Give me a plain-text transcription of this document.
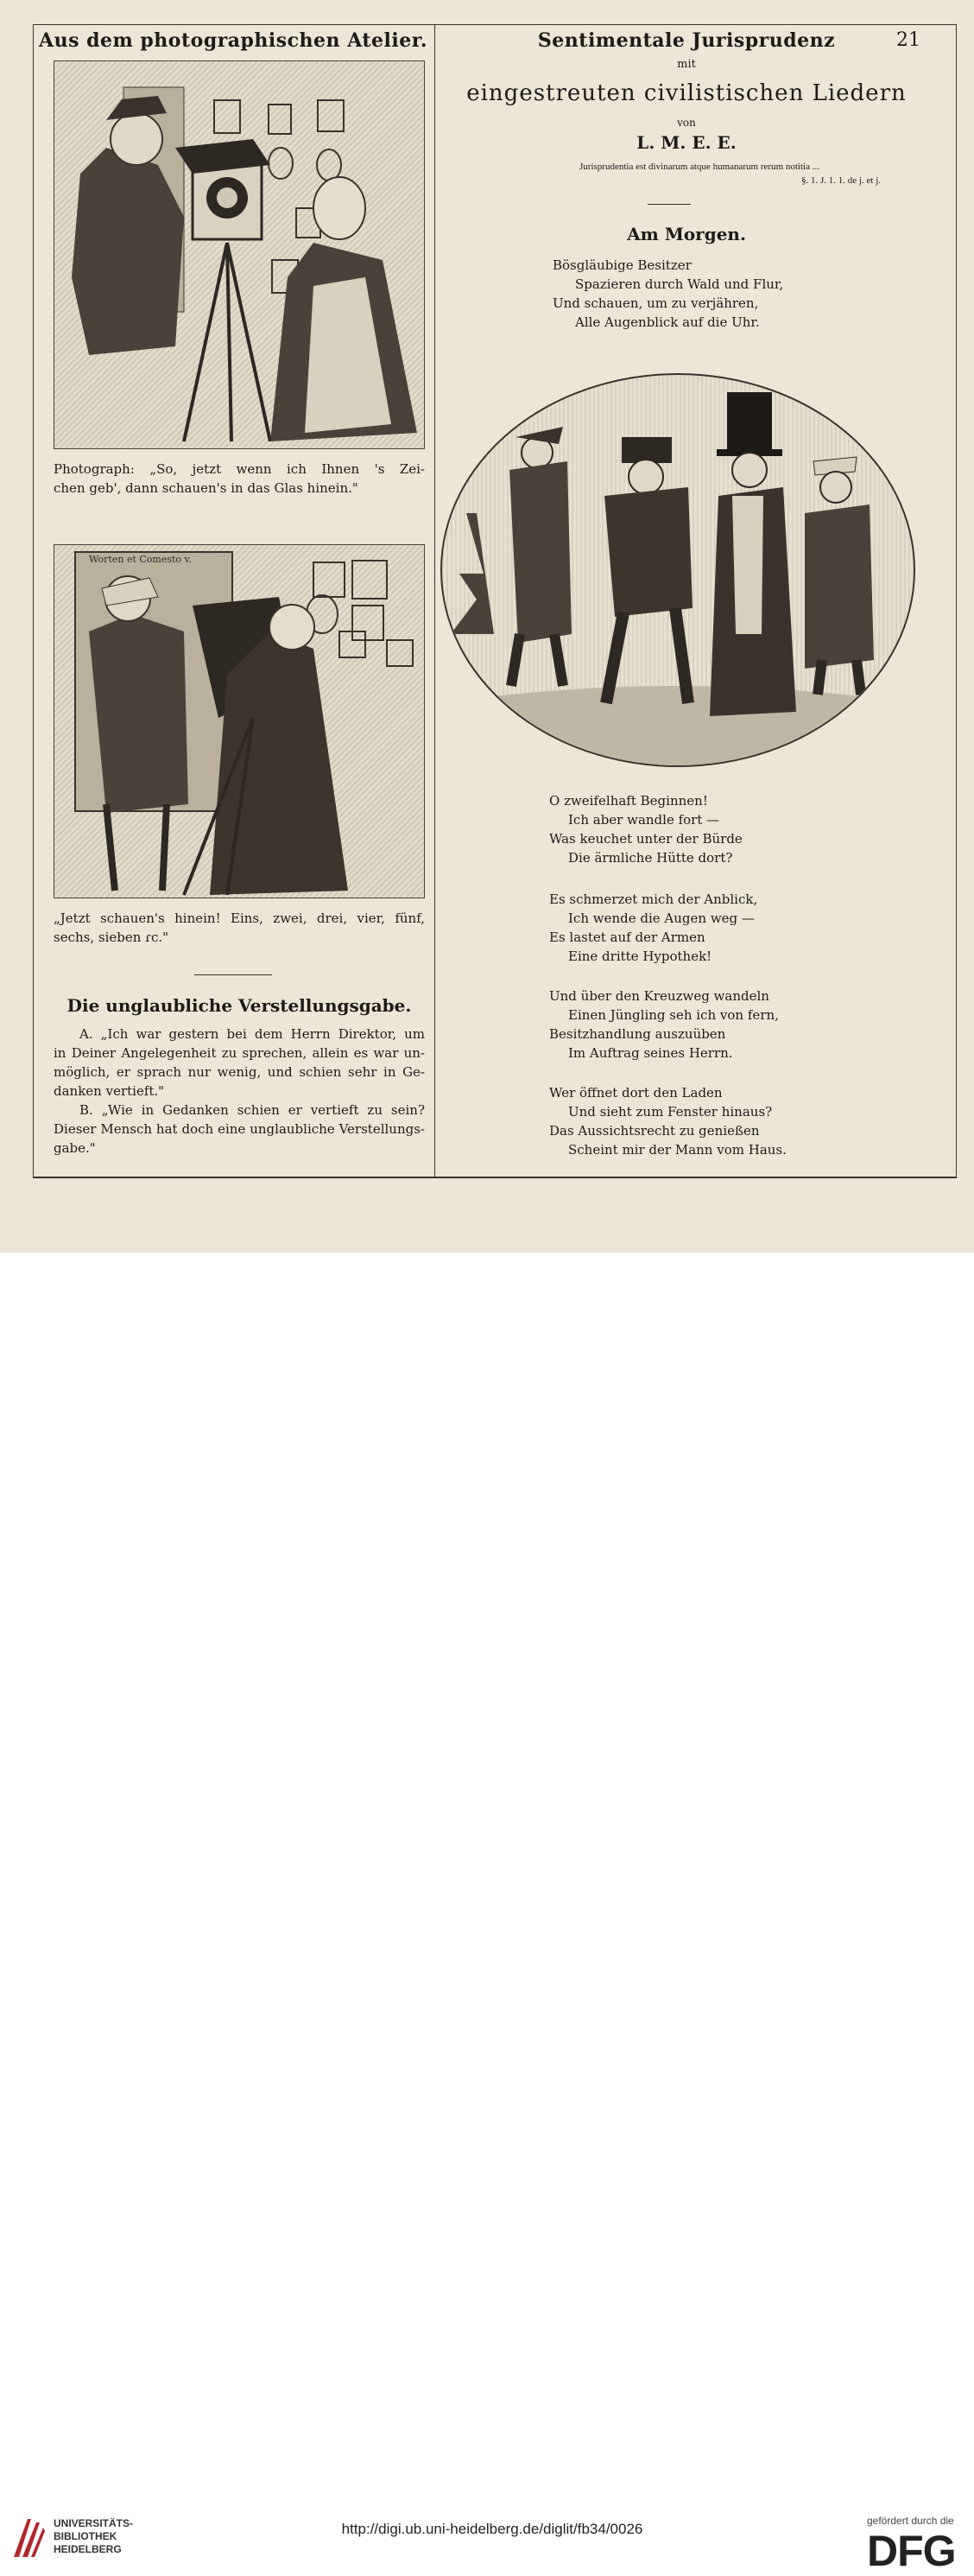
Aus dem photographischen Atelier.	Sentimentale Jurisprudenz	21
Photograph: „So, jetzt wenn ich Ihnen 's Zei-
chen geb', dann schauen's in das Glas hinein."
Worten et Comesto v.
„Jetzt schauen's hinein! Eins, zwei, drei, vier, fünf,
sechs, sieben ɾc."
Die unglaubliche Verstellungsgabe.
A. „Ich war gestern bei dem Herrn Direktor, um
in Deiner Angelegenheit zu sprechen, allein es war un-
möglich, er sprach nur wenig, und schien sehr in Ge-
danken vertieft."
B. „Wie in Gedanken schien er vertieft zu sein?
Dieser Mensch hat doch eine unglaubliche Verstellungs-
gabe."
mit
eingestreuten civilistischen Liedern
von
L. M. E. E.
Jurisprudentia est divinarum atque humanarum rerum notitia ...
§. 1. J. 1. 1. de j. et j.
Am Morgen.
Bösgläubige Besitzer
Spazieren durch Wald und Flur,
Und schauen, um zu verjähren,
Alle Augenblick auf die Uhr.
O zweifelhaft Beginnen!
Ich aber wandle fort —
Was keuchet unter der Bürde
Die ärmliche Hütte dort?
Es schmerzet mich der Anblick,
Ich wende die Augen weg —
Es lastet auf der Armen
Eine dritte Hypothek!
Und über den Kreuzweg wandeln
Einen Jüngling seh ich von fern,
Besitzhandlung auszuüben
Im Auftrag seines Herrn.
Wer öffnet dort den Laden
Und sieht zum Fenster hinaus?
Das Aussichtsrecht zu genießen
Scheint mir der Mann vom Haus.
UNIVERSITÄTS-
BIBLIOTHEK
HEIDELBERG
http://digi.ub.uni-heidelberg.de/diglit/fb34/0026	gefördert durch die
DFG
